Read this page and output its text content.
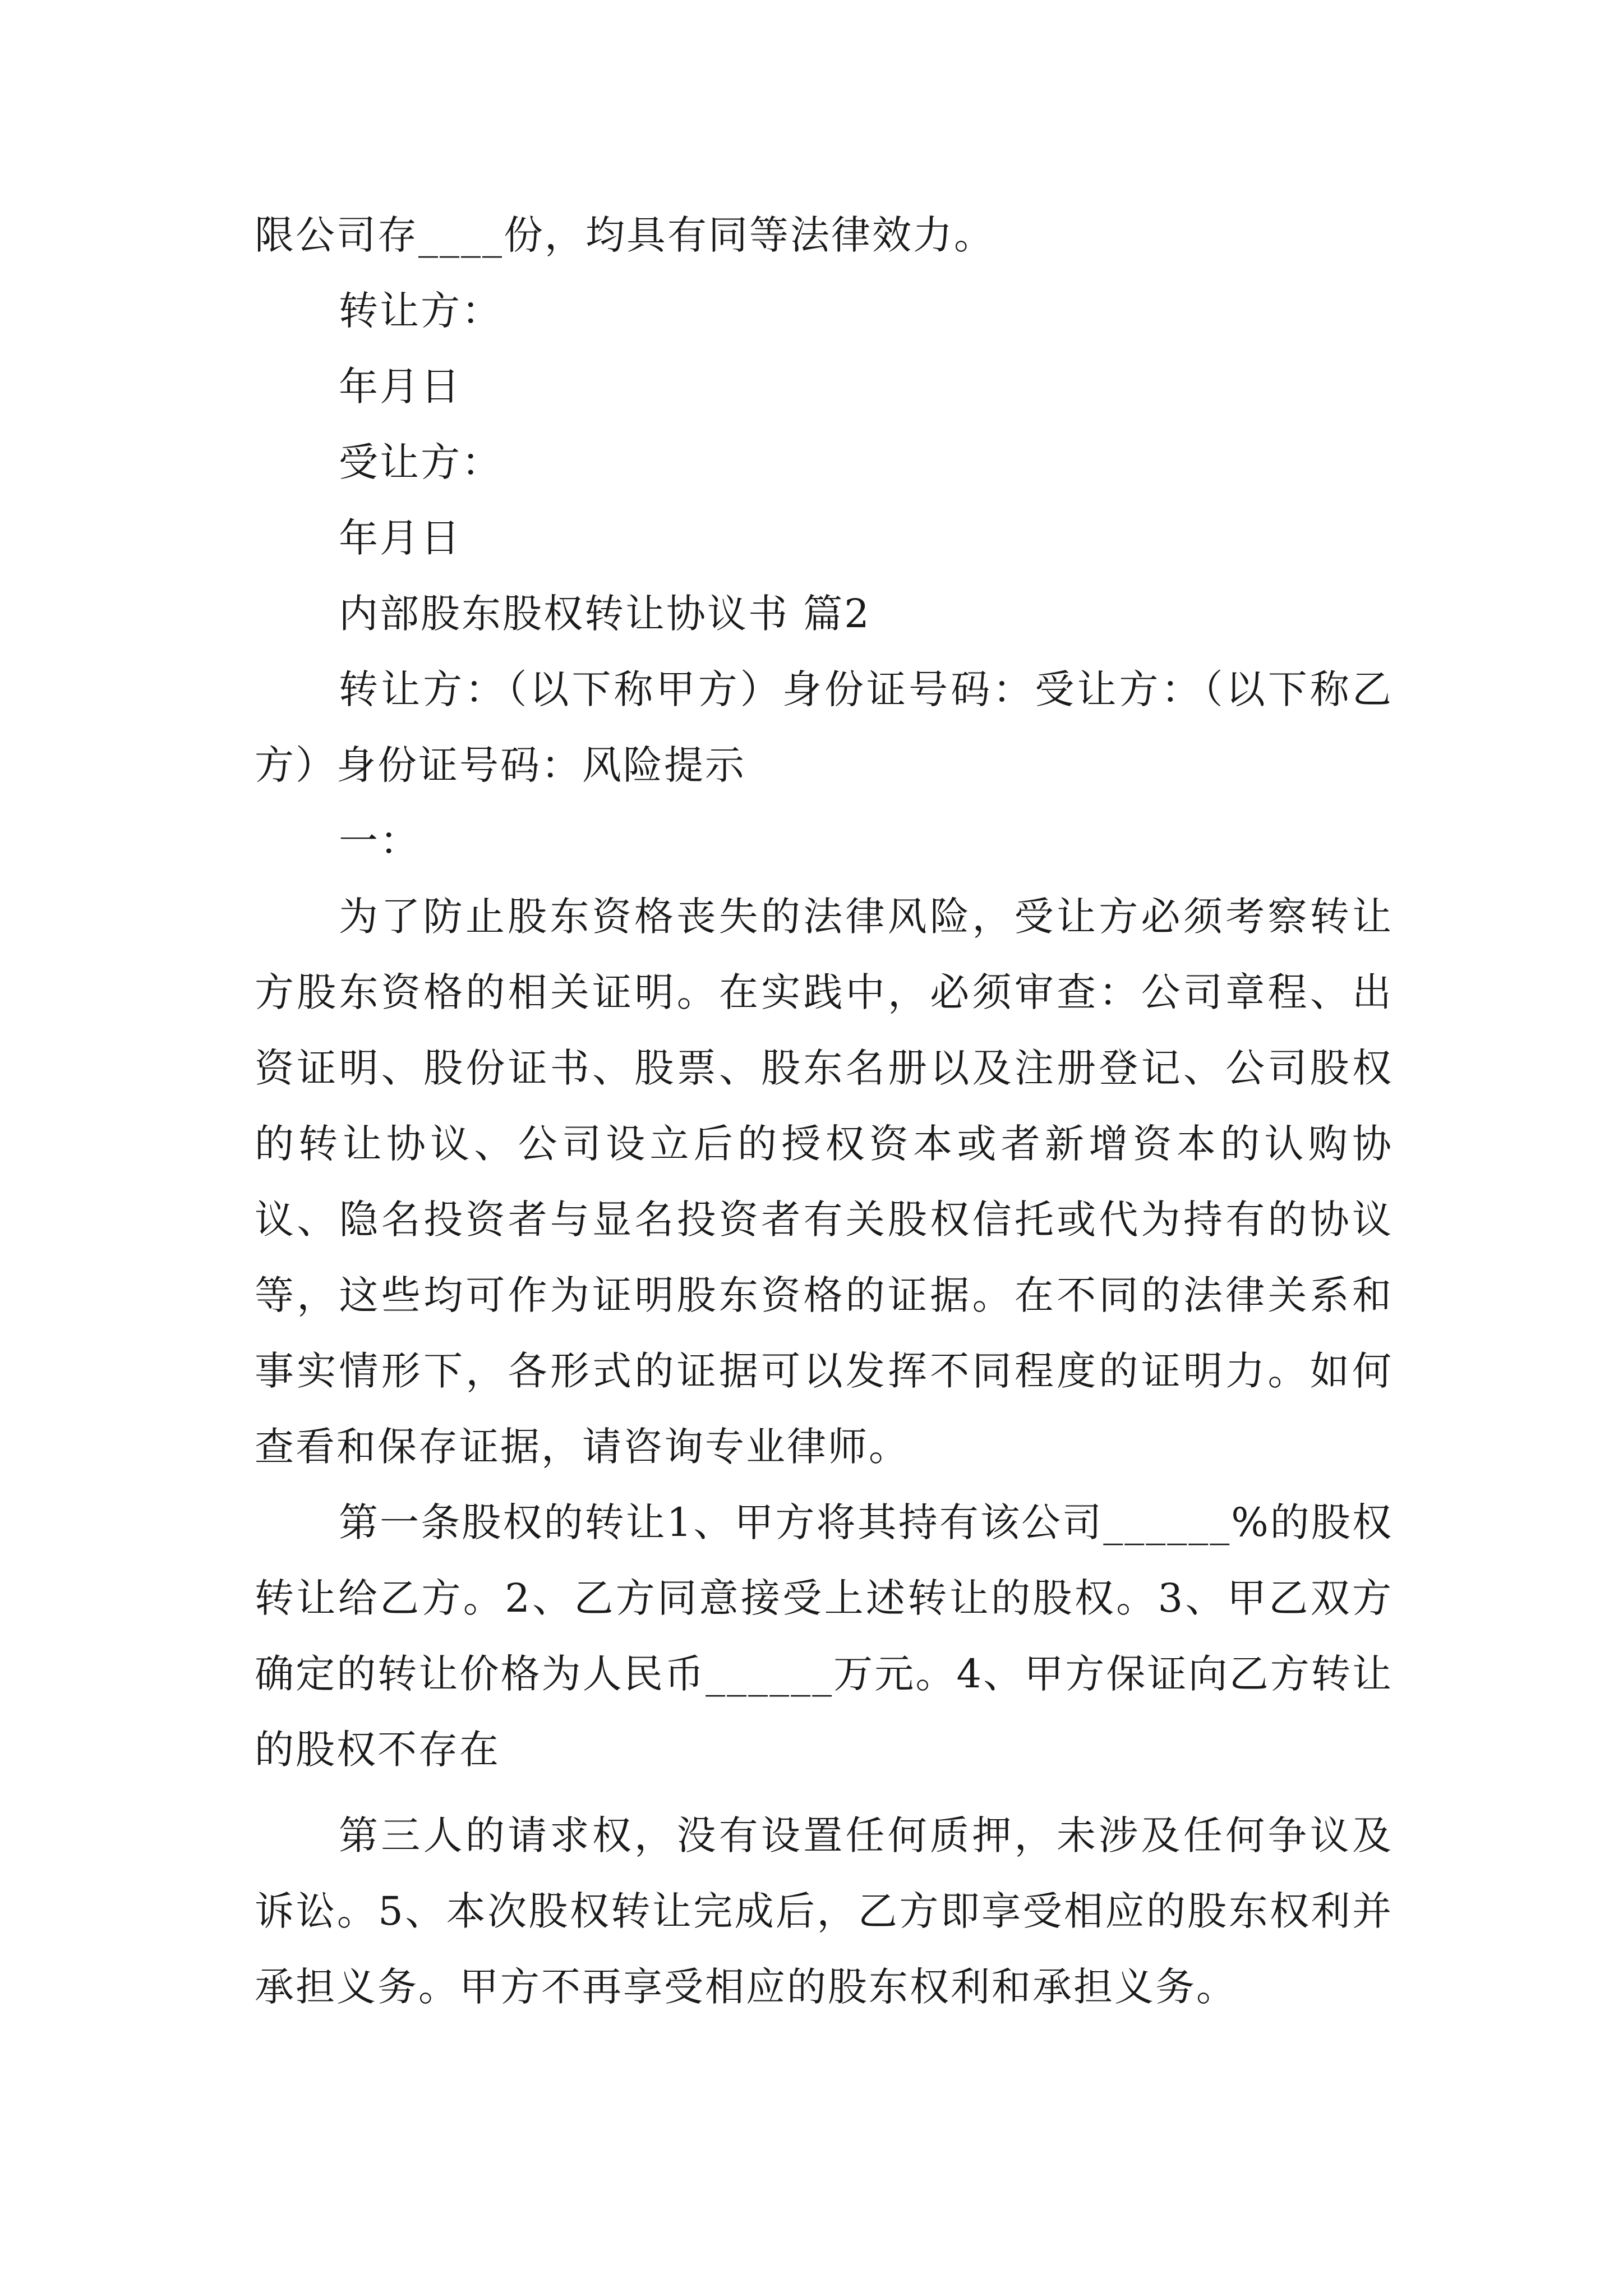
限公司存____份，均具有同等法律效力。

转让方：

年月日

受让方：

年月日

内部股东股权转让协议书 篇2

转让方：（以下称甲方）身份证号码：受让方：（以下称乙方）身份证号码：风险提示

一：

为了防止股东资格丧失的法律风险，受让方必须考察转让方股东资格的相关证明。在实践中，必须审查：公司章程、出资证明、股份证书、股票、股东名册以及注册登记、公司股权的转让协议、公司设立后的授权资本或者新增资本的认购协议、隐名投资者与显名投资者有关股权信托或代为持有的协议等，这些均可作为证明股东资格的证据。在不同的法律关系和事实情形下，各形式的证据可以发挥不同程度的证明力。如何查看和保存证据，请咨询专业律师。

第一条股权的转让1、甲方将其持有该公司______%的股权转让给乙方。2、乙方同意接受上述转让的股权。3、甲乙双方确定的转让价格为人民币______万元。4、甲方保证向乙方转让的股权不存在

第三人的请求权，没有设置任何质押，未涉及任何争议及诉讼。5、本次股权转让完成后，乙方即享受相应的股东权利并承担义务。甲方不再享受相应的股东权利和承担义务。
